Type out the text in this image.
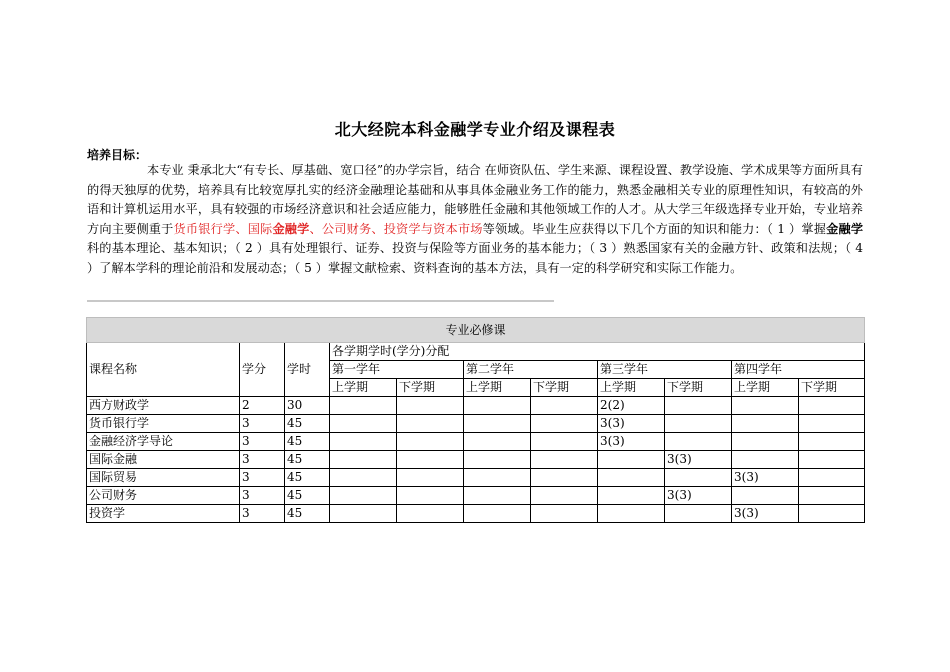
北大经院本科金融学专业介绍及课程表
培养目标：
本专业 秉承北大“有专长、厚基础、宽口径”的办学宗旨，结合 在师资队伍、学生来源、课程设置、教学设施、学术成果等方面所具有的得天独厚的优势，培养具有比较宽厚扎实的经济金融理论基础和从事具体金融业务工作的能力，熟悉金融相关专业的原理性知识，有较高的外语和计算机运用水平，具有较强的市场经济意识和社会适应能力，能够胜任金融和其他领域工作的人才。从大学三年级选择专业开始，专业培养方向主要侧重于货币银行学、国际金融学、公司财务、投资学与资本市场等领域。毕业生应获得以下几个方面的知识和能力：（ 1 ）掌握金融学科的基本理论、基本知识；（ 2 ）具有处理银行、证券、投资与保险等方面业务的基本能力；（ 3 ）熟悉国家有关的金融方针、政策和法规；（ 4 ）了解本学科的理论前沿和发展动态；（ 5 ）掌握文献检索、资料查询的基本方法，具有一定的科学研究和实际工作能力。
专业必修课										
课程名称	学分	学时	各学期学时(学分)分配							
			第一学年		第二学年		第三学年		第四学年	
			上学期	下学期	上学期	下学期	上学期	下学期	上学期	下学期
西方财政学	2	30					2(2)			
货币银行学	3	45					3(3)			
金融经济学导论	3	45					3(3)			
国际金融	3	45						3(3)		
国际贸易	3	45							3(3)	
公司财务	3	45						3(3)		
投资学	3	45							3(3)	
